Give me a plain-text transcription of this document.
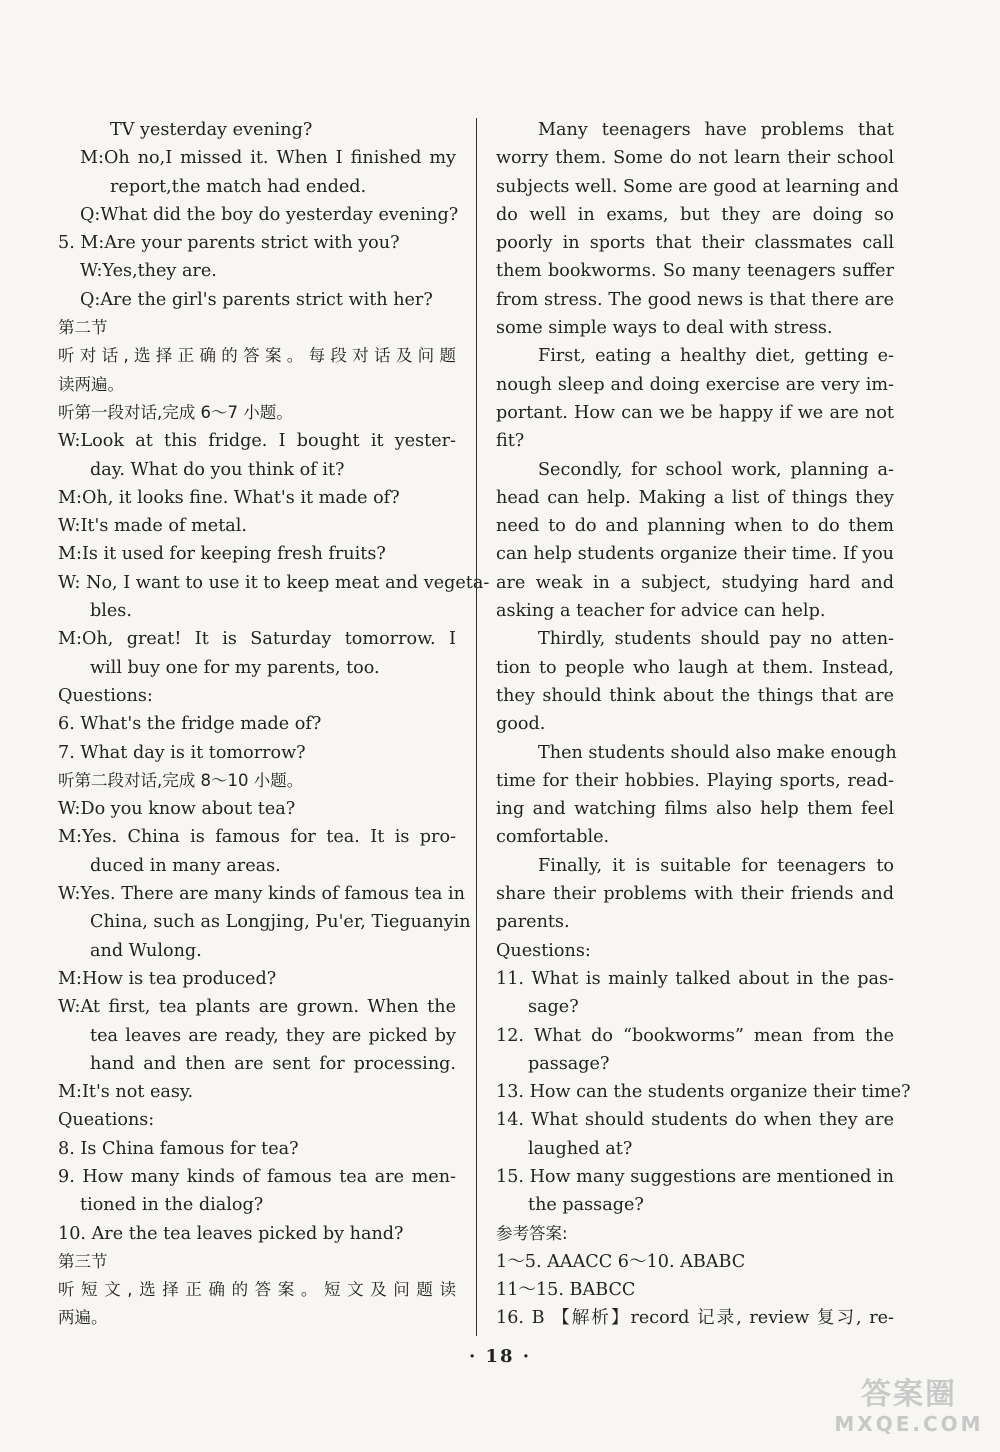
TV yesterday evening?
M:Oh no,I missed it. When I finished my
report,the match had ended.
Q:What did the boy do yesterday evening?
5. M:Are your parents strict with you?
W:Yes,they are.
Q:Are the girl's parents strict with her?
第二节
听对话,选择正确的答案。每段对话及问题
读两遍。
听第一段对话,完成 6～7 小题。
W:Look at this fridge. I bought it yester-
day. What do you think of it?
M:Oh, it looks fine. What's it made of?
W:It's made of metal.
M:Is it used for keeping fresh fruits?
W: No, I want to use it to keep meat and vegeta-
bles.
M:Oh, great! It is Saturday tomorrow. I
will buy one for my parents, too.
Questions:
6. What's the fridge made of?
7. What day is it tomorrow?
听第二段对话,完成 8～10 小题。
W:Do you know about tea?
M:Yes. China is famous for tea. It is pro-
duced in many areas.
W:Yes. There are many kinds of famous tea in
China, such as Longjing, Pu'er, Tieguanyin
and Wulong.
M:How is tea produced?
W:At first, tea plants are grown. When the
tea leaves are ready, they are picked by
hand and then are sent for processing.
M:It's not easy.
Queations:
8. Is China famous for tea?
9. How many kinds of famous tea are men-
tioned in the dialog?
10. Are the tea leaves picked by hand?
第三节
听短文,选择正确的答案。短文及问题读
两遍。
Many teenagers have problems that
worry them. Some do not learn their school
subjects well. Some are good at learning and
do well in exams, but they are doing so
poorly in sports that their classmates call
them bookworms. So many teenagers suffer
from stress. The good news is that there are
some simple ways to deal with stress.
First, eating a healthy diet, getting e-
nough sleep and doing exercise are very im-
portant. How can we be happy if we are not
fit?
Secondly, for school work, planning a-
head can help. Making a list of things they
need to do and planning when to do them
can help students organize their time. If you
are weak in a subject, studying hard and
asking a teacher for advice can help.
Thirdly, students should pay no atten-
tion to people who laugh at them. Instead,
they should think about the things that are
good.
Then students should also make enough
time for their hobbies. Playing sports, read-
ing and watching films also help them feel
comfortable.
Finally, it is suitable for teenagers to
share their problems with their friends and
parents.
Questions:
11. What is mainly talked about in the pas-
sage?
12. What do “bookworms” mean from the
passage?
13. How can the students organize their time?
14. What should students do when they are
laughed at?
15. How many suggestions are mentioned in
the passage?
参考答案:
1～5. AAACC 6～10. ABABC
11～15. BABCC
16. B 【解析】record 记录, review 复习, re-
· 18 ·
答案圈
MXQE.COM
